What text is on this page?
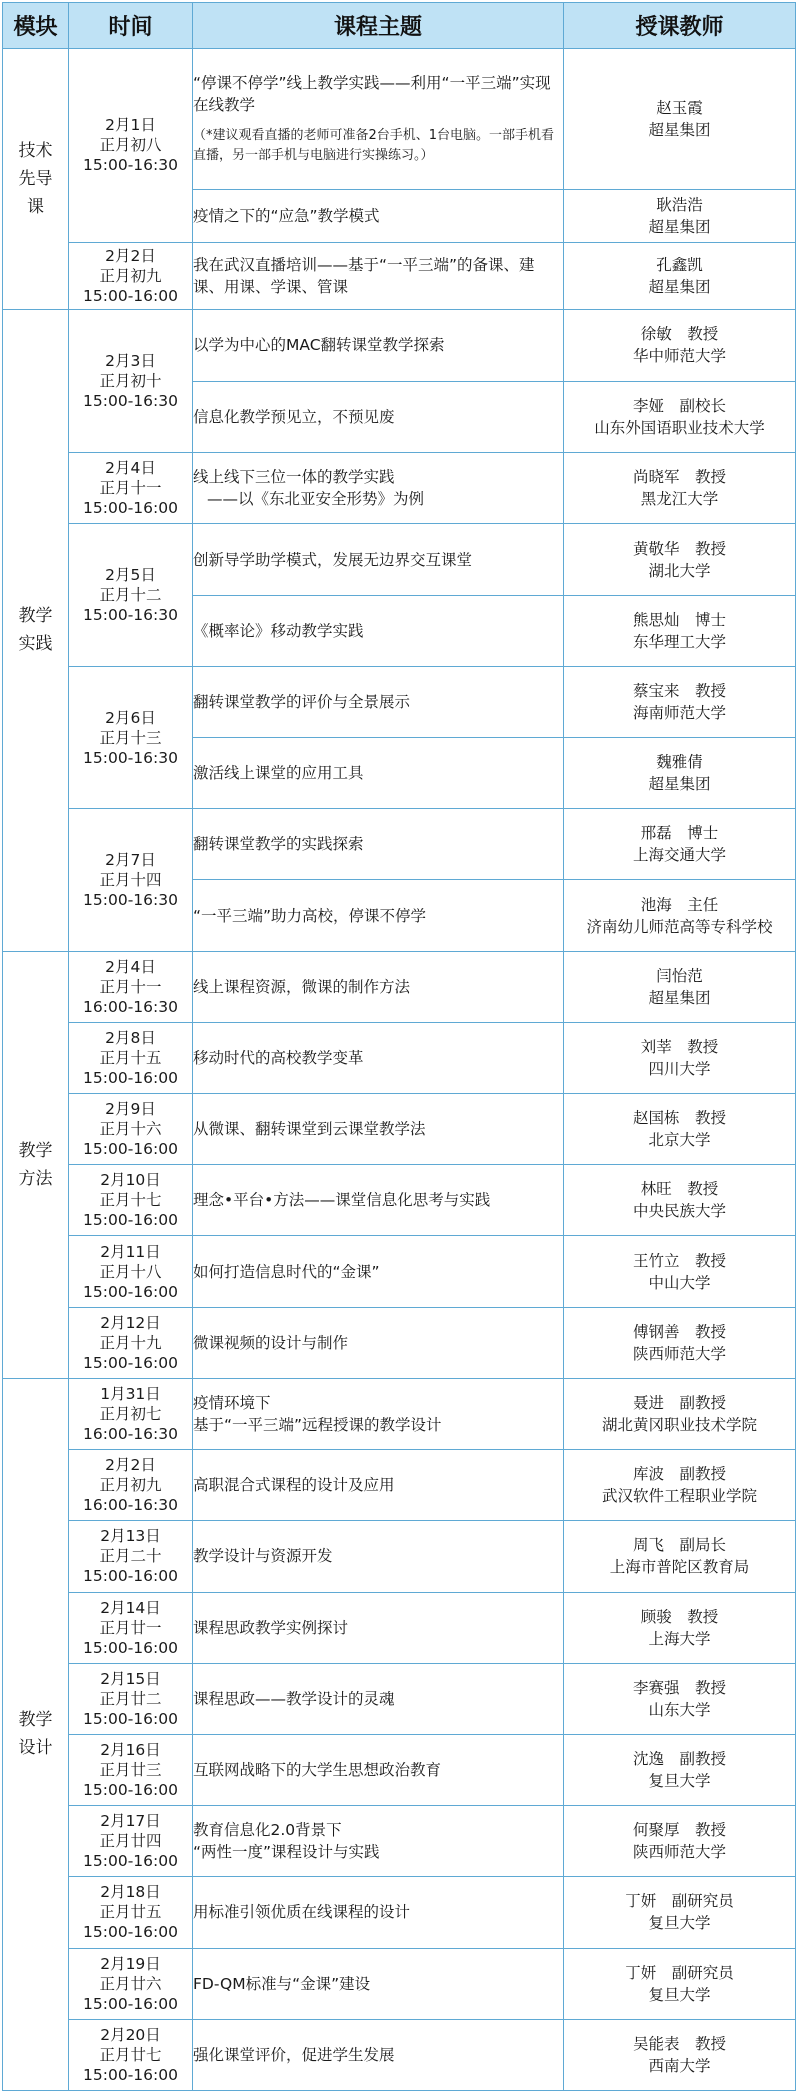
模块	时间	课程主题	授课教师
技术先导课	2月1日
正月初八
15:00-16:30	“停课不停学”线上教学实践——利用“一平三端”实现在线教学
（*建议观看直播的老师可准备2台手机、1台电脑。一部手机看直播，另一部手机与电脑进行实操练习。）	赵玉霞
超星集团
		疫情之下的“应急”教学模式	耿浩浩
超星集团
	2月2日
正月初九
15:00-16:00	我在武汉直播培训——基于“一平三端”的备课、建课、用课、学课、管课	孔鑫凯
超星集团
教学实践	2月3日
正月初十
15:00-16:30	以学为中心的MAC翻转课堂教学探索	徐敏　教授
华中师范大学
		信息化教学预见立，不预见废	李娅　副校长
山东外国语职业技术大学
	2月4日
正月十一
15:00-16:00	线上线下三位一体的教学实践
——以《东北亚安全形势》为例	尚晓军　教授
黑龙江大学
	2月5日
正月十二
15:00-16:30	创新导学助学模式，发展无边界交互课堂	黄敬华　教授
湖北大学
		《概率论》移动教学实践	熊思灿　博士
东华理工大学
	2月6日
正月十三
15:00-16:30	翻转课堂教学的评价与全景展示	蔡宝来　教授
海南师范大学
		激活线上课堂的应用工具	魏雅倩
超星集团
	2月7日
正月十四
15:00-16:30	翻转课堂教学的实践探索	邢磊　博士
上海交通大学
		“一平三端”助力高校，停课不停学	池海　主任
济南幼儿师范高等专科学校
教学方法	2月4日
正月十一
16:00-16:30	线上课程资源，微课的制作方法	闫怡范
超星集团
	2月8日
正月十五
15:00-16:00	移动时代的高校教学变革	刘莘　教授
四川大学
	2月9日
正月十六
15:00-16:00	从微课、翻转课堂到云课堂教学法	赵国栋　教授
北京大学
	2月10日
正月十七
15:00-16:00	理念•平台•方法——课堂信息化思考与实践	林旺　教授
中央民族大学
	2月11日
正月十八
15:00-16:00	如何打造信息时代的“金课”	王竹立　教授
中山大学
	2月12日
正月十九
15:00-16:00	微课视频的设计与制作	傅钢善　教授
陕西师范大学
教学设计	1月31日
正月初七
16:00-16:30	疫情环境下
基于“一平三端”远程授课的教学设计	聂进　副教授
湖北黄冈职业技术学院
	2月2日
正月初九
16:00-16:30	高职混合式课程的设计及应用	库波　副教授
武汉软件工程职业学院
	2月13日
正月二十
15:00-16:00	教学设计与资源开发	周飞　副局长
上海市普陀区教育局
	2月14日
正月廿一
15:00-16:00	课程思政教学实例探讨	顾骏　教授
上海大学
	2月15日
正月廿二
15:00-16:00	课程思政——教学设计的灵魂	李赛强　教授
山东大学
	2月16日
正月廿三
15:00-16:00	互联网战略下的大学生思想政治教育	沈逸　副教授
复旦大学
	2月17日
正月廿四
15:00-16:00	教育信息化2.0背景下
“两性一度”课程设计与实践	何聚厚　教授
陕西师范大学
	2月18日
正月廿五
15:00-16:00	用标准引领优质在线课程的设计	丁妍　副研究员
复旦大学
	2月19日
正月廿六
15:00-16:00	FD-QM标准与“金课”建设	丁妍　副研究员
复旦大学
	2月20日
正月廿七
15:00-16:00	强化课堂评价，促进学生发展	吴能表　教授
西南大学
